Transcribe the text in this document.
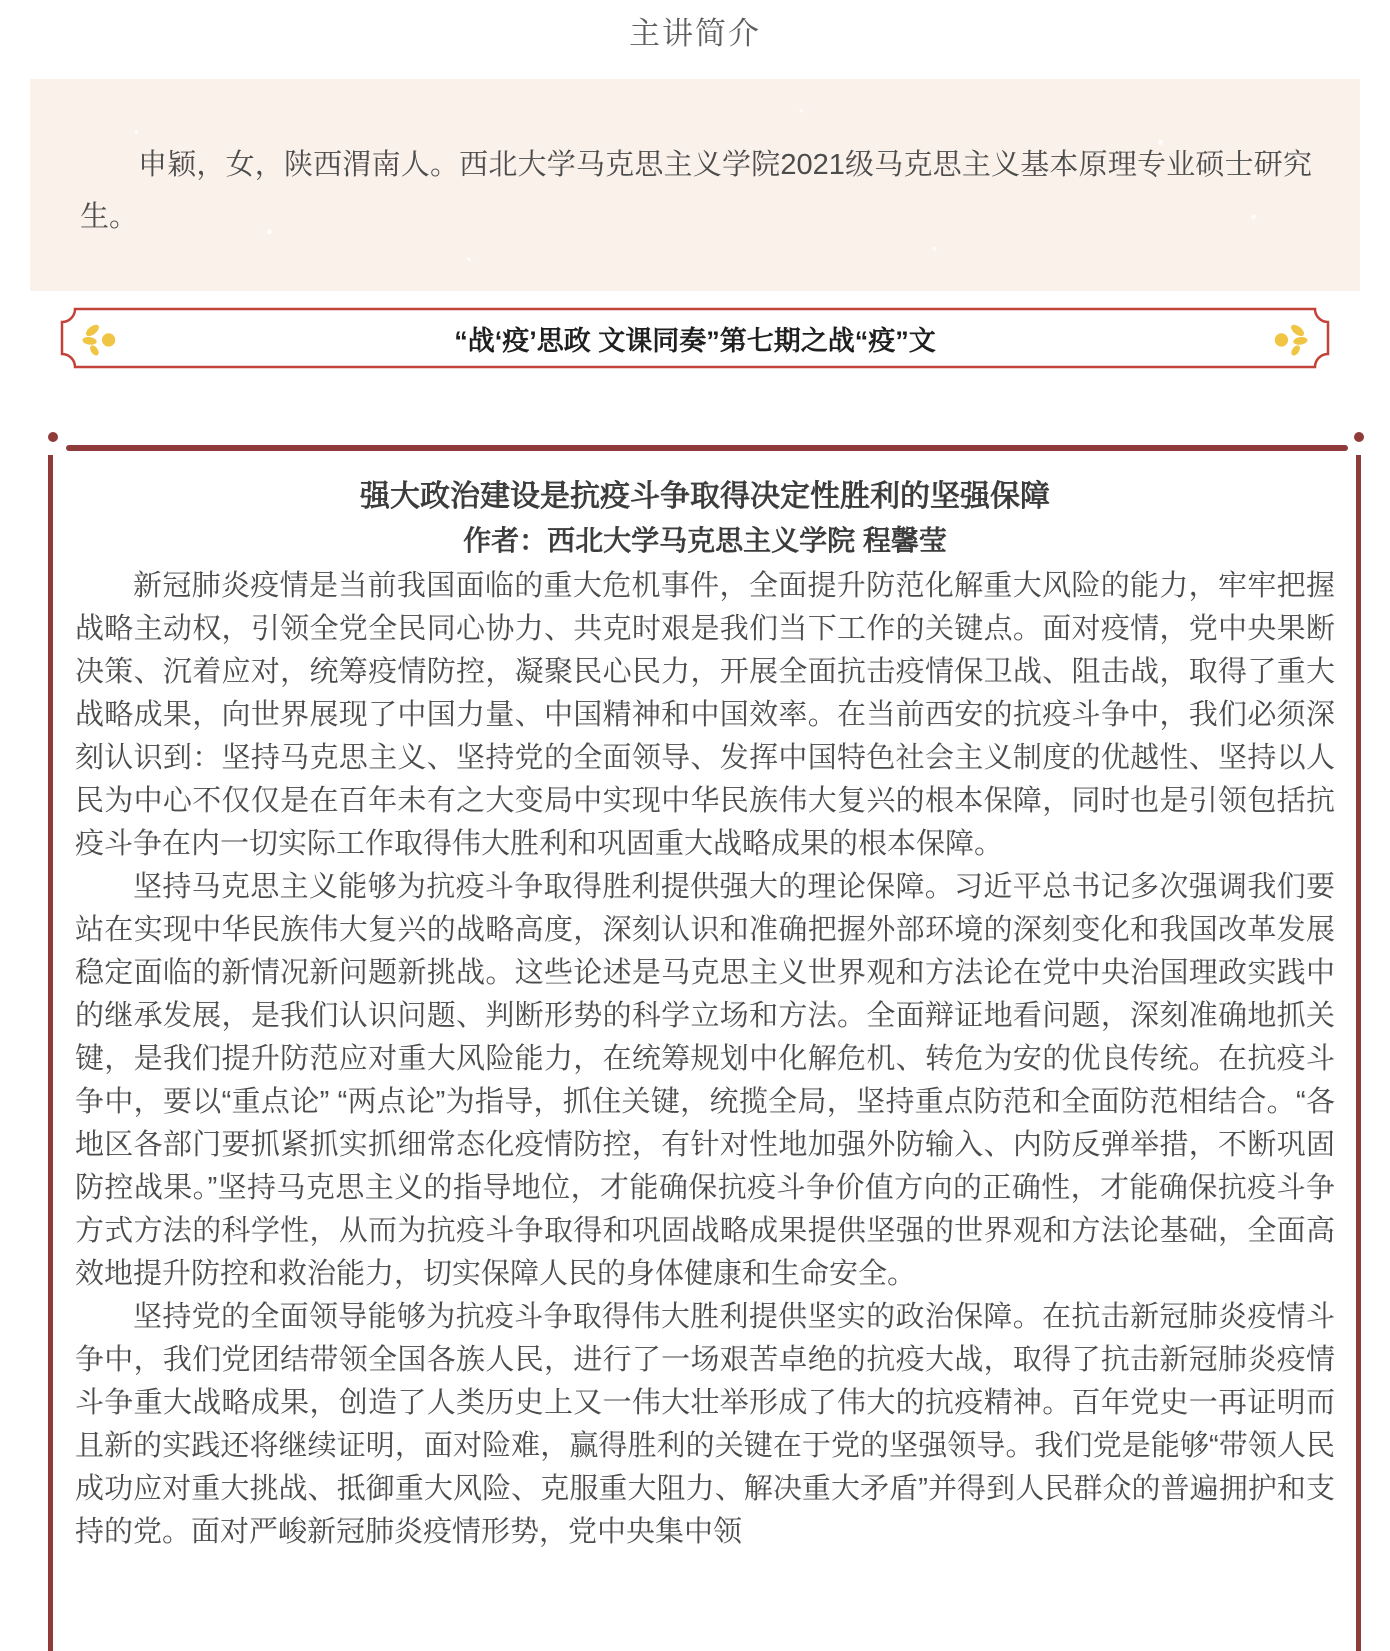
主讲简介

申颖，女，陕西渭南人。西北大学马克思主义学院2021级马克思主义基本原理专业硕士研究生。

“战‘疫’思政 文课同奏”第七期之战“疫”文
强大政治建设是抗疫斗争取得决定性胜利的坚强保障
作者：西北大学马克思主义学院 程馨莹

新冠肺炎疫情是当前我国面临的重大危机事件，全面提升防范化解重大风险的能力，牢牢把握战略主动权，引领全党全民同心协力、共克时艰是我们当下工作的关键点。面对疫情，党中央果断决策、沉着应对，统筹疫情防控，凝聚民心民力，开展全面抗击疫情保卫战、阻击战，取得了重大战略成果，向世界展现了中国力量、中国精神和中国效率。在当前西安的抗疫斗争中，我们必须深刻认识到：坚持马克思主义、坚持党的全面领导、发挥中国特色社会主义制度的优越性、坚持以人民为中心不仅仅是在百年未有之大变局中实现中华民族伟大复兴的根本保障，同时也是引领包括抗疫斗争在内一切实际工作取得伟大胜利和巩固重大战略成果的根本保障。

坚持马克思主义能够为抗疫斗争取得胜利提供强大的理论保障。习近平总书记多次强调我们要站在实现中华民族伟大复兴的战略高度，深刻认识和准确把握外部环境的深刻变化和我国改革发展稳定面临的新情况新问题新挑战。这些论述是马克思主义世界观和方法论在党中央治国理政实践中的继承发展，是我们认识问题、判断形势的科学立场和方法。全面辩证地看问题，深刻准确地抓关键，是我们提升防范应对重大风险能力，在统筹规划中化解危机、转危为安的优良传统。在抗疫斗争中，要以“重点论” “两点论”为指导，抓住关键，统揽全局，坚持重点防范和全面防范相结合。“各地区各部门要抓紧抓实抓细常态化疫情防控，有针对性地加强外防输入、内防反弹举措，不断巩固防控战果。”坚持马克思主义的指导地位，才能确保抗疫斗争价值方向的正确性，才能确保抗疫斗争方式方法的科学性，从而为抗疫斗争取得和巩固战略成果提供坚强的世界观和方法论基础，全面高效地提升防控和救治能力，切实保障人民的身体健康和生命安全。

坚持党的全面领导能够为抗疫斗争取得伟大胜利提供坚实的政治保障。在抗击新冠肺炎疫情斗争中，我们党团结带领全国各族人民，进行了一场艰苦卓绝的抗疫大战，取得了抗击新冠肺炎疫情斗争重大战略成果，创造了人类历史上又一伟大壮举形成了伟大的抗疫精神。百年党史一再证明而且新的实践还将继续证明，面对险难，赢得胜利的关键在于党的坚强领导。我们党是能够“带领人民成功应对重大挑战、抵御重大风险、克服重大阻力、解决重大矛盾”并得到人民群众的普遍拥护和支持的党。面对严峻新冠肺炎疫情形势，党中央集中领
